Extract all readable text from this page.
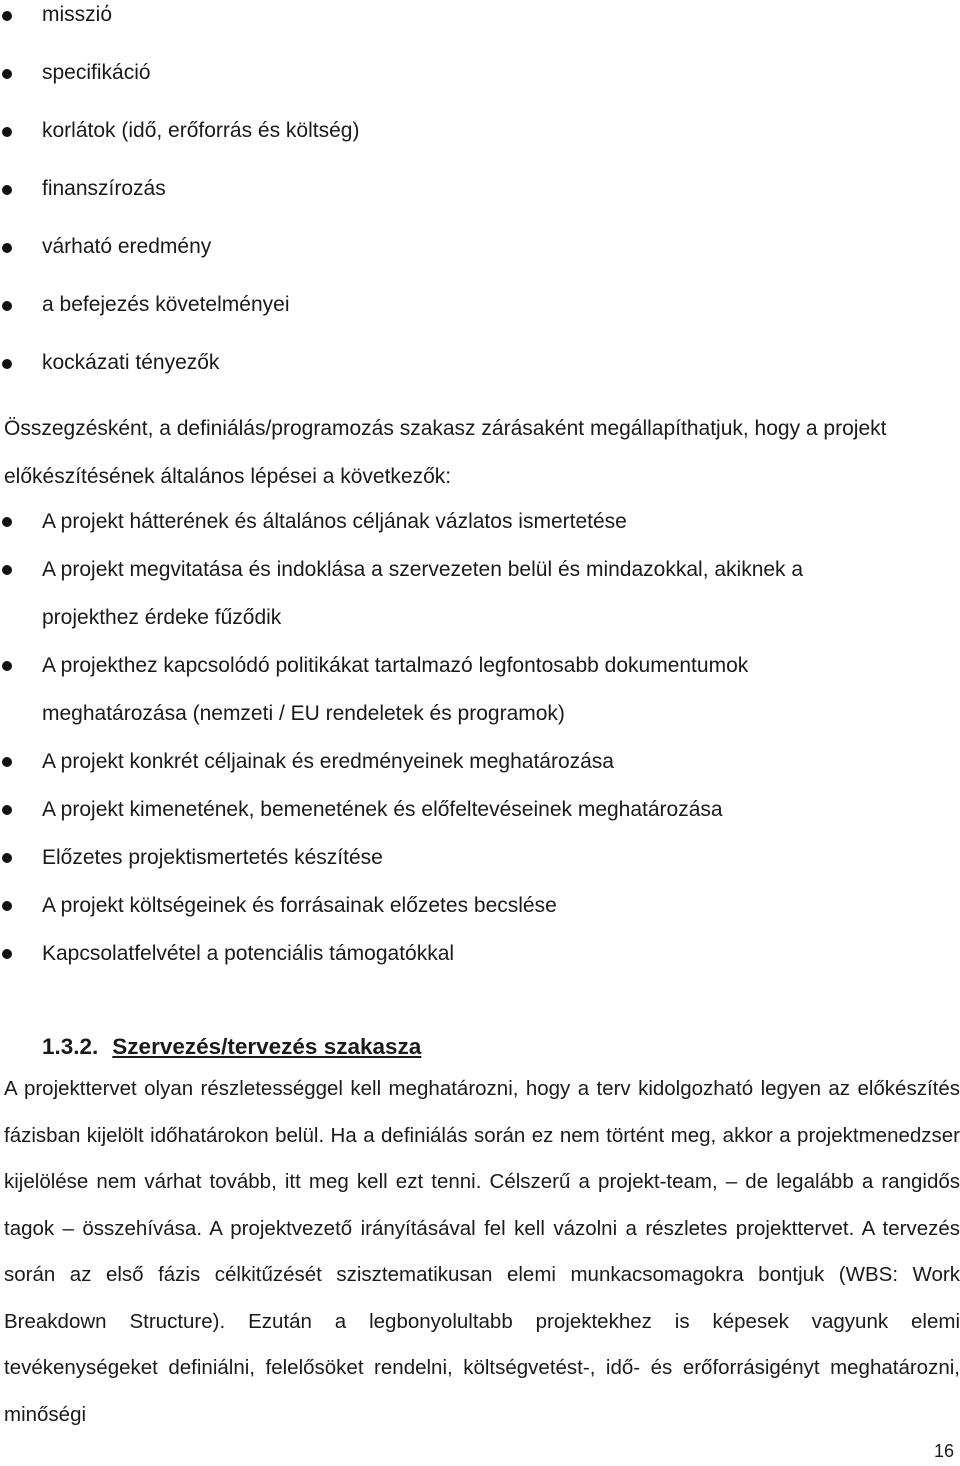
missziό
specifikáció
korlátok (idő, erőforrás és költség)
finanszírozás
várható eredmény
a befejezés követelményei
kockázati tényezők

Összegzésként, a definiálás/programozás szakasz zárásaként megállapíthatjuk, hogy a projekt előkészítésének általános lépései a következők:

A projekt hátterének és általános céljának vázlatos ismertetése
A projekt megvitatása és indoklása a szervezeten belül és mindazokkal, akiknek a projekthez érdeke fűződik
A projekthez kapcsolódó politikákat tartalmazó legfontosabb dokumentumok meghatározása (nemzeti / EU rendeletek és programok)
A projekt konkrét céljainak és eredményeinek meghatározása
A projekt kimenetének, bemenetének és előfeltevéseinek meghatározása
Előzetes projektismertetés készítése
A projekt költségeinek és forrásainak előzetes becslése
Kapcsolatfelvétel a potenciális támogatókkal
1.3.2. Szervezés/tervezés szakasza

A projekttervet olyan részletességgel kell meghatározni, hogy a terv kidolgozható legyen az előkészítés fázisban kijelölt időhatárokon belül. Ha a definiálás során ez nem történt meg, akkor a projektmenedzser kijelölése nem várhat tovább, itt meg kell ezt tenni. Célszerű a projekt-team, – de legalább a rangidős tagok – összehívása. A projektvezető irányításával fel kell vázolni a részletes projekttervet. A tervezés során az első fázis célkitűzését szisztematikusan elemi munkacsomagokra bontjuk (WBS: Work Breakdown Structure). Ezután a legbonyolultabb projektekhez is képesek vagyunk elemi tevékenységeket definiálni, felelősöket rendelni, költségvetést-, idő- és erőforrásigényt meghatározni, minőségi

16
